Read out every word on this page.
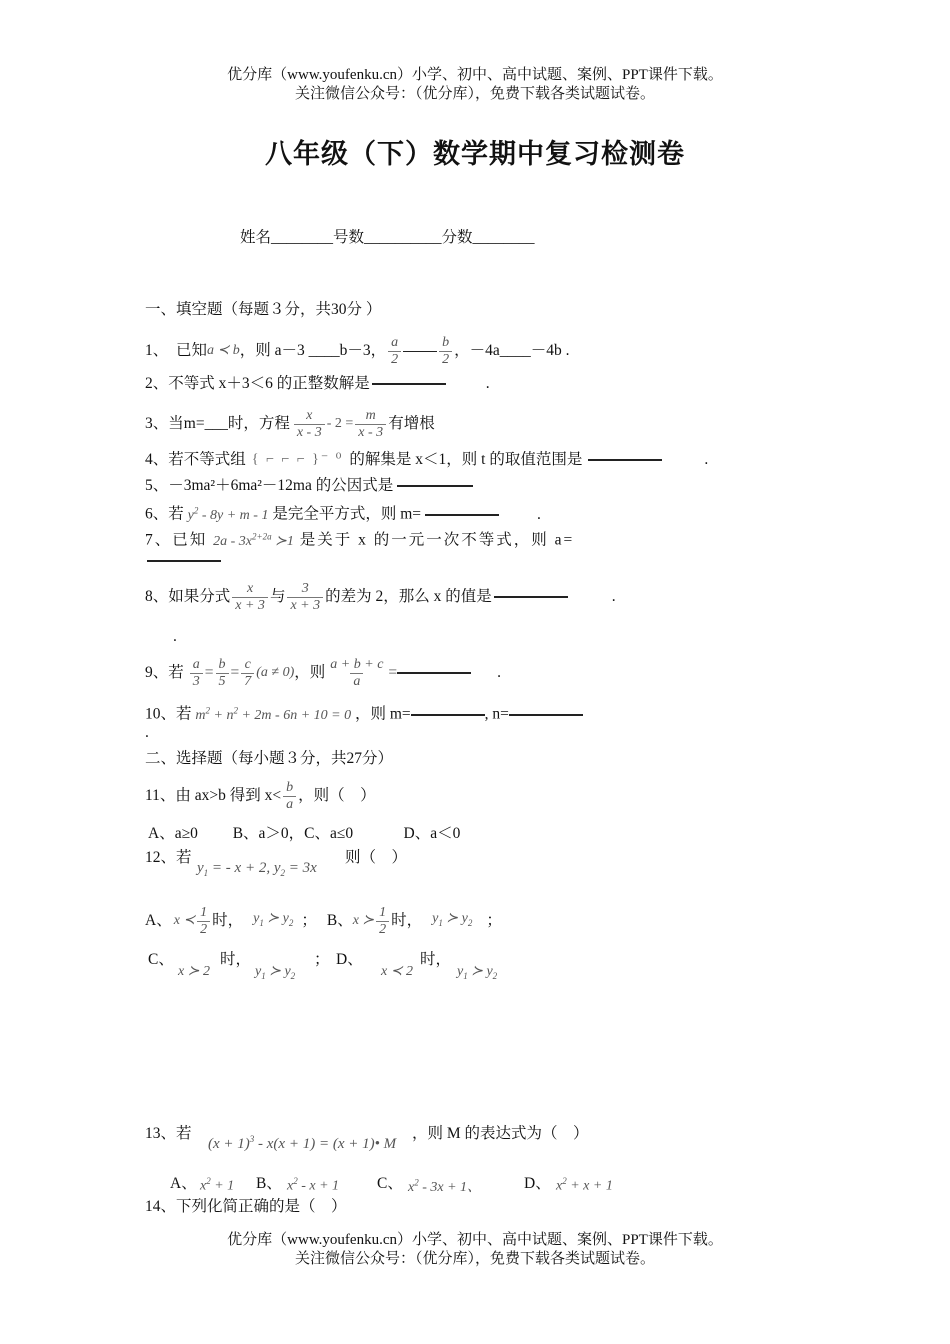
优分库（www.youfenku.cn）小学、初中、高中试题、案例、PPT课件下载。
关注微信公众号：（优分库），免费下载各类试题试卷。
八年级（下）数学期中复习检测卷
姓名________号数__________分数________
一、填空题（每题３分，共30分 ）
1、　已知 a ≺ b ，则 a－3 ____b－3， $\frac{a}{2}$	$\frac{b}{2}$ ，－4a____－4b .
2、不等式 x＋3＜6 的正整数解是	.
3、当 m=___ 时，方程 $\frac{x}{x - 3} - 2 = \frac{m}{x - 3}$ 有增根
4、若不等式组 { ⌐ ⌐ ⌐ }⁻ ⁰ 的解集是 x＜1，则 t 的取值范围是	.
5、－3ma²＋6ma²－12ma 的公因式是
6、若 $y^2 - 8y + m - 1$ 是完全平方式，则 m=	.
7、已知 $2a - 3x^{2+2a}$ ≻1 是关于 x 的一元一次不等式，则 a=
8、如果分式 $\frac{x}{x + 3}$ 与 $\frac{3}{x + 3}$ 的差为 2，那么 x 的值是	.
.
9、若 $\frac{a}{3} = \frac{b}{5} = \frac{c}{7} (a \ne 0)$ ，则 $\frac{a + b + c}{a}$ =	.
10、若 $m^2 + n^2 + 2m - 6n + 10 = 0$ ，则 m=	, n=
.
二、选择题（每小题３分，共27分）
11、由 ax>b 得到 $x< \frac{b}{a}$ ，则（　）
A、a≥0　　 B、a＞0，C、a≤0　　　 D、a＜0
12、若
$y_1$ = - x + 2, $y_2 = 3x$
则（　）
A、 x ≺ $\frac{1}{2}$ 时， $y_1$ ≻ $y_2$ ； B、 x ≻ $\frac{1}{2}$ 时， $y_1$ ≻ $y_2$ ；
C、
x ≻ 2
时，
$y_1$ ≻ $y_2$
； D、
x ≺ 2
时，
$y_1$ ≻ $y_2$
13、若
$(x + 1)^3 - x(x + 1) = (x$ + 1)• M
，则 M 的表达式为（　）
A、 $x^2 + 1$ B、 $x^2 - x + 1$ C、 $x^2 - 3x + 1$、	D、 $x^2 + x + 1$
14、下列化简正确的是（　）
优分库（www.youfenku.cn）小学、初中、高中试题、案例、PPT课件下载。
关注微信公众号：（优分库），免费下载各类试题试卷。
